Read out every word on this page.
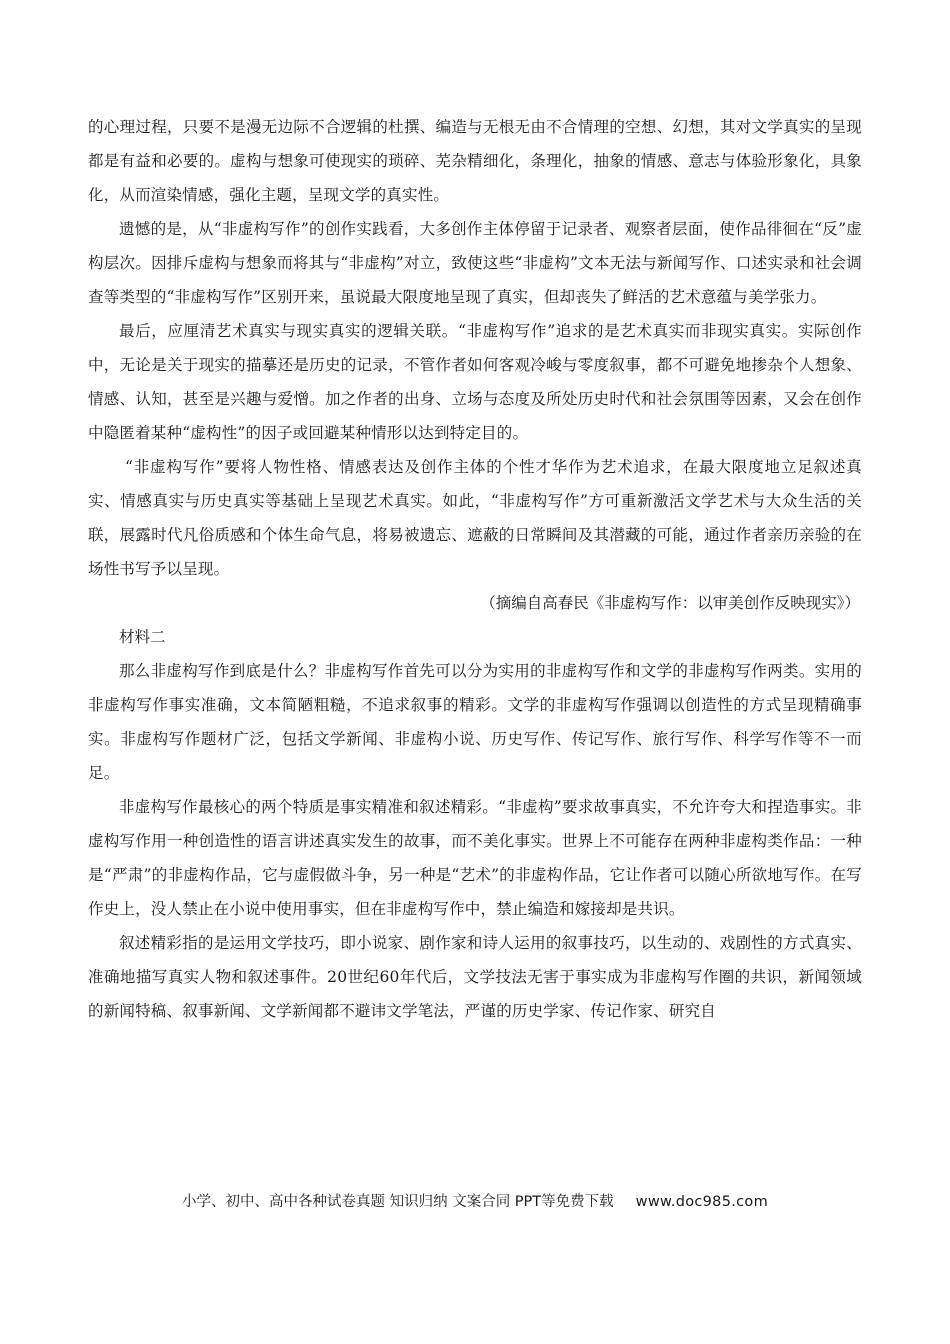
的心理过程，只要不是漫无边际不合逻辑的杜撰、编造与无根无由不合情理的空想、幻想，其对文学真实的呈现都是有益和必要的。虚构与想象可使现实的琐碎、芜杂精细化，条理化，抽象的情感、意志与体验形象化，具象化，从而渲染情感，强化主题，呈现文学的真实性。

遗憾的是，从“非虚构写作”的创作实践看，大多创作主体停留于记录者、观察者层面，使作品徘徊在“反”虚构层次。因排斥虚构与想象而将其与“非虚构”对立，致使这些“非虚构”文本无法与新闻写作、口述实录和社会调查等类型的“非虚构写作”区别开来，虽说最大限度地呈现了真实，但却丧失了鲜活的艺术意蕴与美学张力。

最后，应厘清艺术真实与现实真实的逻辑关联。“非虚构写作”追求的是艺术真实而非现实真实。实际创作中，无论是关于现实的描摹还是历史的记录，不管作者如何客观冷峻与零度叙事，都不可避免地掺杂个人想象、情感、认知，甚至是兴趣与爱憎。加之作者的出身、立场与态度及所处历史时代和社会氛围等因素，又会在创作中隐匿着某种“虚构性”的因子或回避某种情形以达到特定目的。

“非虚构写作”要将人物性格、情感表达及创作主体的个性才华作为艺术追求，在最大限度地立足叙述真实、情感真实与历史真实等基础上呈现艺术真实。如此，“非虚构写作”方可重新激活文学艺术与大众生活的关联，展露时代凡俗质感和个体生命气息，将易被遗忘、遮蔽的日常瞬间及其潜藏的可能，通过作者亲历亲验的在场性书写予以呈现。

（摘编自高春民《非虚构写作：以审美创作反映现实》）

材料二

那么非虚构写作到底是什么？非虚构写作首先可以分为实用的非虚构写作和文学的非虚构写作两类。实用的非虚构写作事实准确，文本简陋粗糙，不追求叙事的精彩。文学的非虚构写作强调以创造性的方式呈现精确事实。非虚构写作题材广泛，包括文学新闻、非虚构小说、历史写作、传记写作、旅行写作、科学写作等不一而足。

非虚构写作最核心的两个特质是事实精准和叙述精彩。“非虚构”要求故事真实，不允许夸大和捏造事实。非虚构写作用一种创造性的语言讲述真实发生的故事，而不美化事实。世界上不可能存在两种非虚构类作品：一种是“严肃”的非虚构作品，它与虚假做斗争，另一种是“艺术”的非虚构作品，它让作者可以随心所欲地写作。在写作史上，没人禁止在小说中使用事实，但在非虚构写作中，禁止编造和嫁接却是共识。

叙述精彩指的是运用文学技巧，即小说家、剧作家和诗人运用的叙事技巧，以生动的、戏剧性的方式真实、准确地描写真实人物和叙述事件。20世纪60年代后，文学技法无害于事实成为非虚构写作圈的共识，新闻领域的新闻特稿、叙事新闻、文学新闻都不避讳文学笔法，严谨的历史学家、传记作家、研究自

小学、初中、高中各种试卷真题 知识归纳 文案合同 PPT等免费下载 www.doc985.com
